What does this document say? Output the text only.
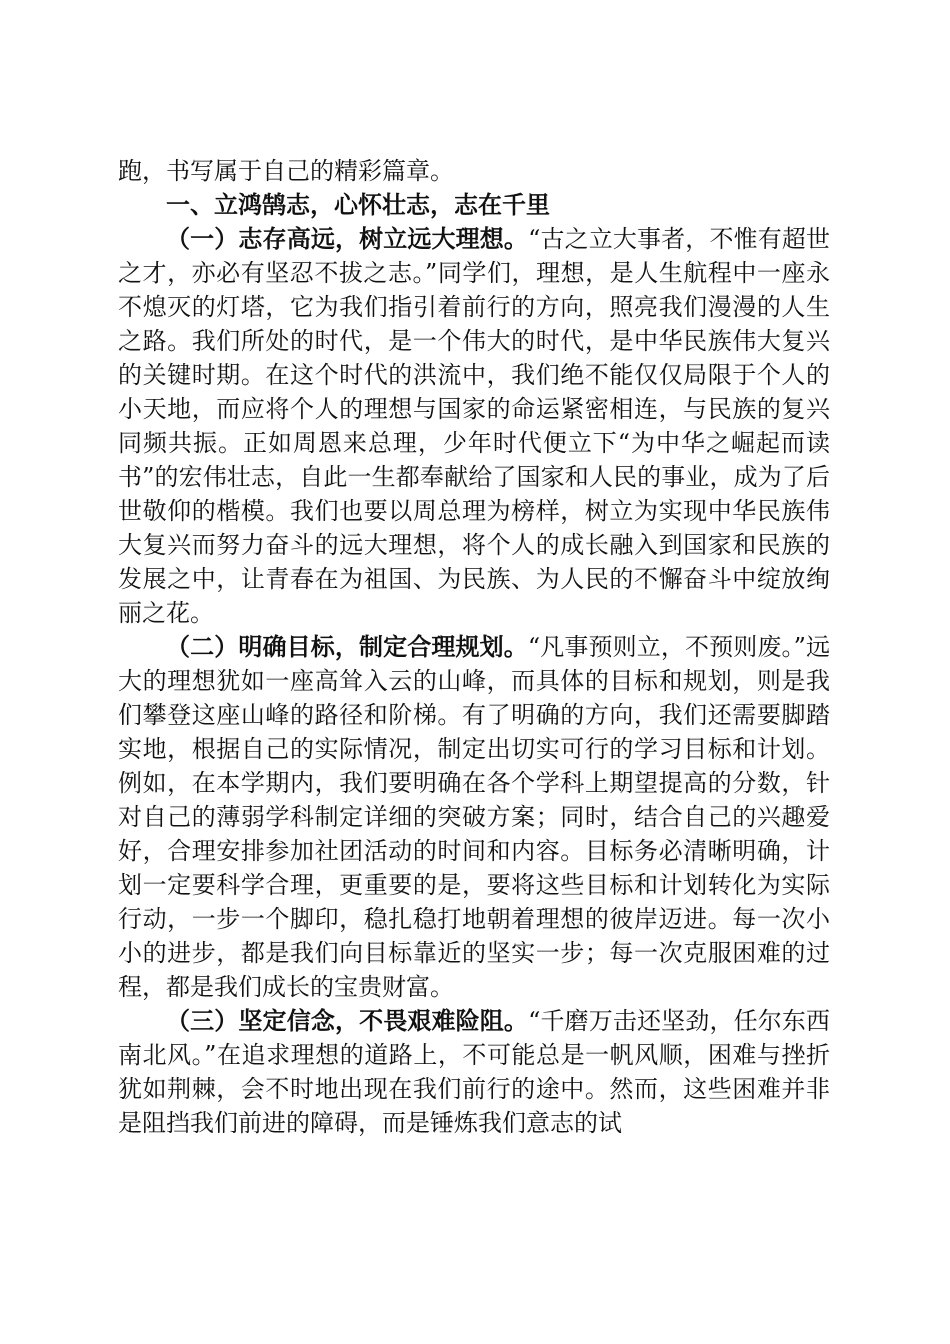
跑，书写属于自己的精彩篇章。

一、立鸿鹄志，心怀壮志，志在千里

（一）志存高远，树立远大理想。“古之立大事者，不惟有超世之才，亦必有坚忍不拔之志。”同学们，理想，是人生航程中一座永不熄灭的灯塔，它为我们指引着前行的方向，照亮我们漫漫的人生之路。我们所处的时代，是一个伟大的时代，是中华民族伟大复兴的关键时期。在这个时代的洪流中，我们绝不能仅仅局限于个人的小天地，而应将个人的理想与国家的命运紧密相连，与民族的复兴同频共振。正如周恩来总理，少年时代便立下“为中华之崛起而读书”的宏伟壮志，自此一生都奉献给了国家和人民的事业，成为了后世敬仰的楷模。我们也要以周总理为榜样，树立为实现中华民族伟大复兴而努力奋斗的远大理想，将个人的成长融入到国家和民族的发展之中，让青春在为祖国、为民族、为人民的不懈奋斗中绽放绚丽之花。

（二）明确目标，制定合理规划。“凡事预则立，不预则废。”远大的理想犹如一座高耸入云的山峰，而具体的目标和规划，则是我们攀登这座山峰的路径和阶梯。有了明确的方向，我们还需要脚踏实地，根据自己的实际情况，制定出切实可行的学习目标和计划。例如，在本学期内，我们要明确在各个学科上期望提高的分数，针对自己的薄弱学科制定详细的突破方案；同时，结合自己的兴趣爱好，合理安排参加社团活动的时间和内容。目标务必清晰明确，计划一定要科学合理，更重要的是，要将这些目标和计划转化为实际行动，一步一个脚印，稳扎稳打地朝着理想的彼岸迈进。每一次小小的进步，都是我们向目标靠近的坚实一步；每一次克服困难的过程，都是我们成长的宝贵财富。

（三）坚定信念，不畏艰难险阻。“千磨万击还坚劲，任尔东西南北风。”在追求理想的道路上，不可能总是一帆风顺，困难与挫折犹如荆棘，会不时地出现在我们前行的途中。然而，这些困难并非是阻挡我们前进的障碍，而是锤炼我们意志的试
